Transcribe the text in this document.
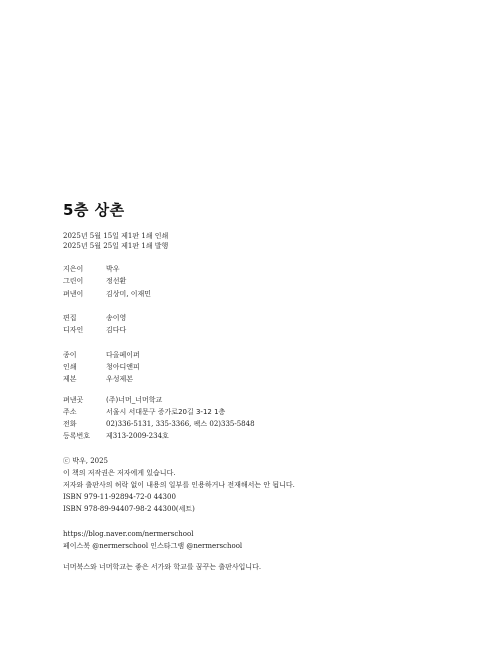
5층 상촌
2025년 5월 15일 제1판 1쇄 인쇄
2025년 5월 25일 제1판 1쇄 발행
지은이	박우
그린이	정선환
펴낸이	김상미, 이재민
편집	송이영
디자인	김다다
종이	다올페이퍼
인쇄	청아디앤피
제본	우성제본
펴낸곳	(주)너머_너머학교
주소	서울시 서대문구 증가로20길 3-12 1층
전화	02)336-5131, 335-3366, 팩스 02)335-5848
등록번호 제313-2009-234호
ⓒ 박우, 2025
이 책의 저작권은 저자에게 있습니다.
저자와 출판사의 허락 없이 내용의 일부를 인용하거나 전재해서는 안 됩니다.
ISBN 979-11-92894-72-0 44300
ISBN 978-89-94407-98-2 44300(세트)
https://blog.naver.com/nermerschool
페이스북 @nermerschool 인스타그램 @nermerschool
너머북스와 너머학교는 좋은 서가와 학교를 꿈꾸는 출판사입니다.
